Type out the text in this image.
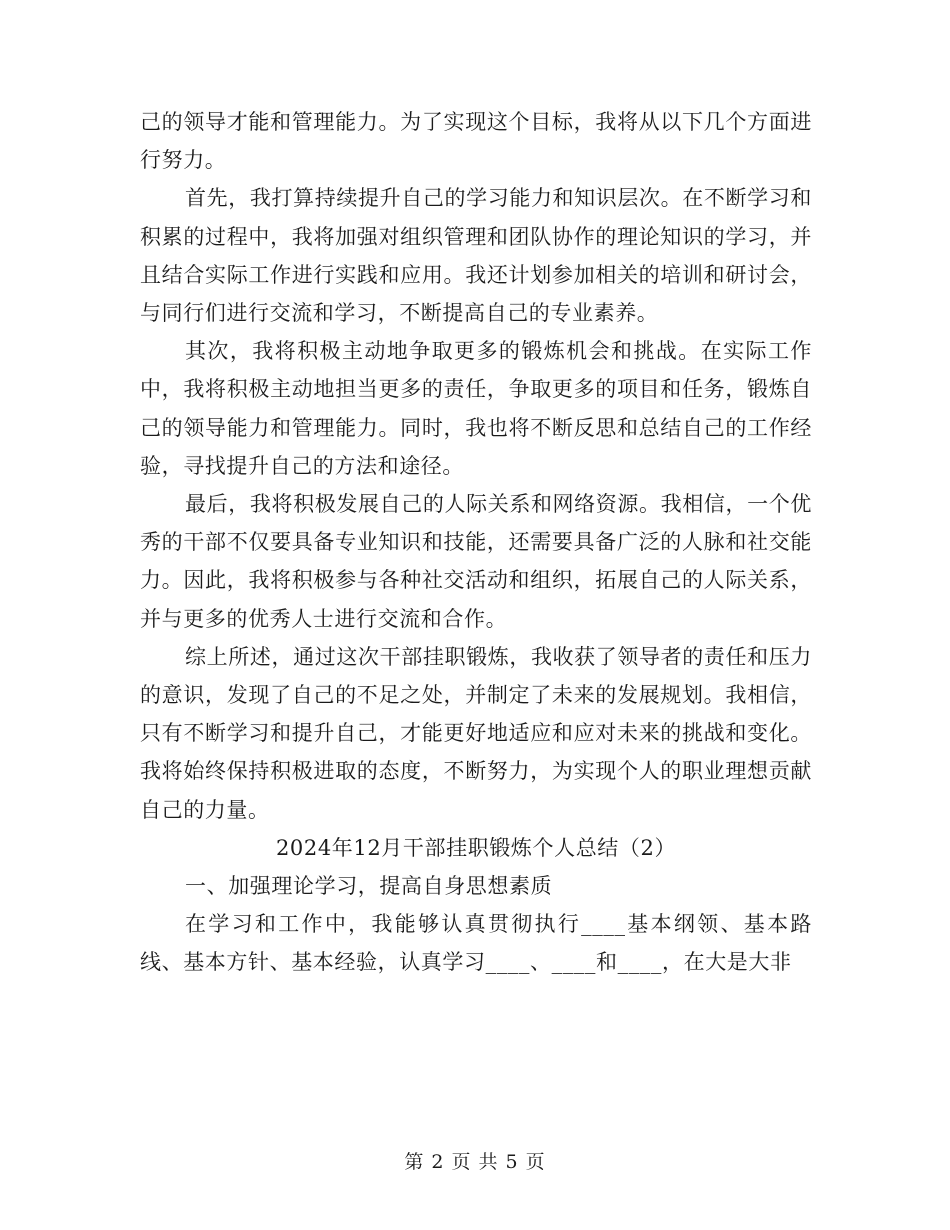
己的领导才能和管理能力。为了实现这个目标，我将从以下几个方面进行努力。

首先，我打算持续提升自己的学习能力和知识层次。在不断学习和积累的过程中，我将加强对组织管理和团队协作的理论知识的学习，并且结合实际工作进行实践和应用。我还计划参加相关的培训和研讨会，与同行们进行交流和学习，不断提高自己的专业素养。

其次，我将积极主动地争取更多的锻炼机会和挑战。在实际工作中，我将积极主动地担当更多的责任，争取更多的项目和任务，锻炼自己的领导能力和管理能力。同时，我也将不断反思和总结自己的工作经验，寻找提升自己的方法和途径。

最后，我将积极发展自己的人际关系和网络资源。我相信，一个优秀的干部不仅要具备专业知识和技能，还需要具备广泛的人脉和社交能力。因此，我将积极参与各种社交活动和组织，拓展自己的人际关系，并与更多的优秀人士进行交流和合作。

综上所述，通过这次干部挂职锻炼，我收获了领导者的责任和压力的意识，发现了自己的不足之处，并制定了未来的发展规划。我相信，只有不断学习和提升自己，才能更好地适应和应对未来的挑战和变化。我将始终保持积极进取的态度，不断努力，为实现个人的职业理想贡献自己的力量。

2024年12月干部挂职锻炼个人总结（2）

一、加强理论学习，提高自身思想素质

在学习和工作中，我能够认真贯彻执行____基本纲领、基本路线、基本方针、基本经验，认真学习____、____和____，在大是大非

第 2 页 共 5 页
